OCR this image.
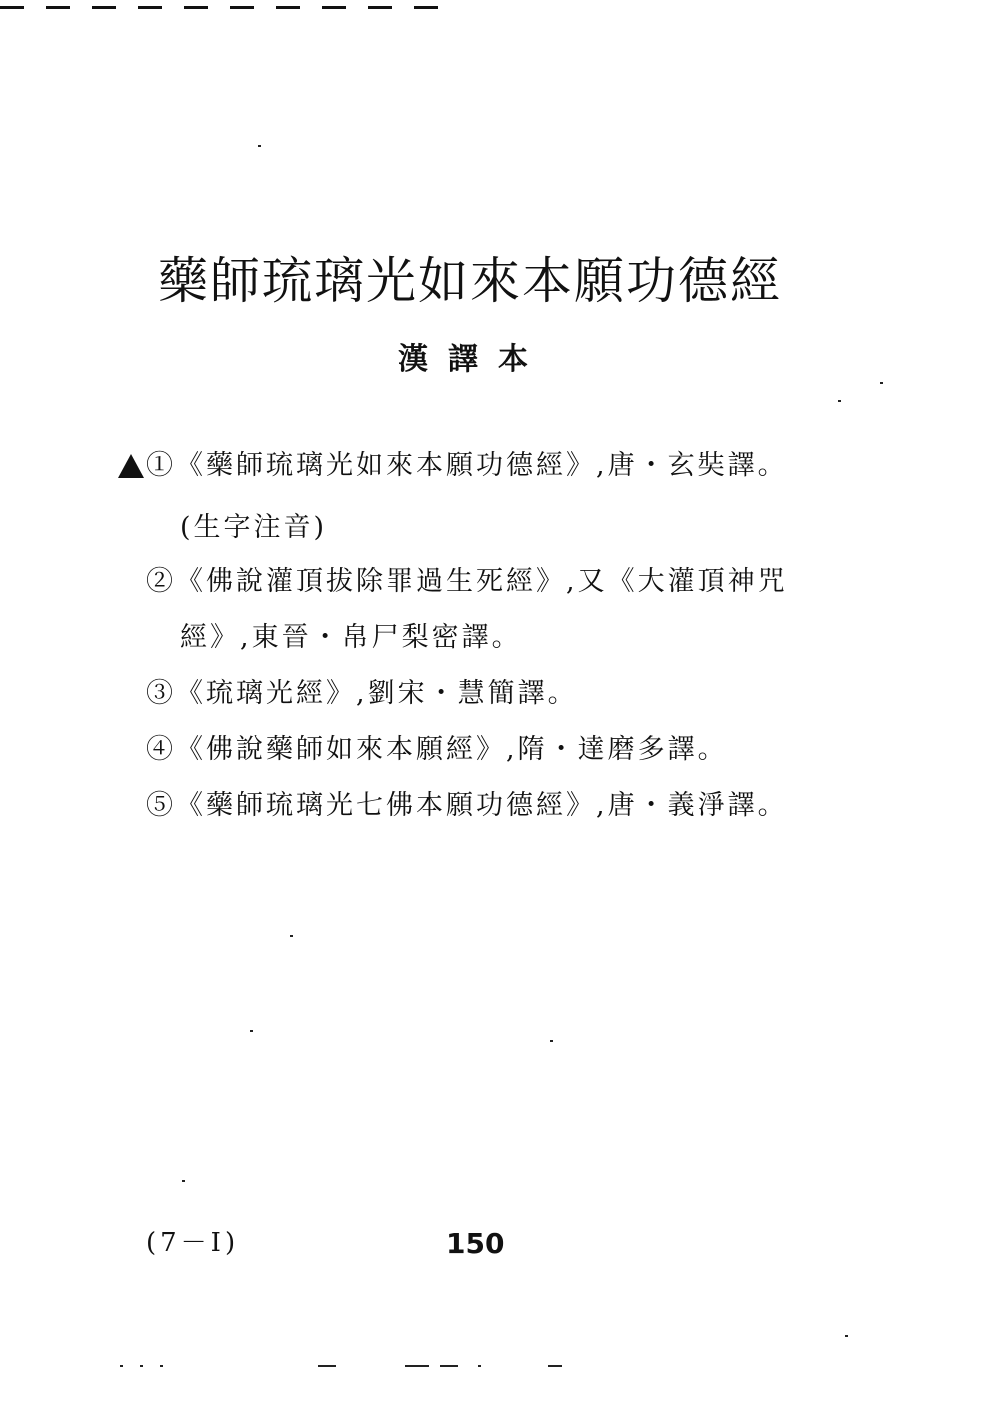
藥師琉璃光如來本願功德經
漢譯本
①《藥師琉璃光如來本願功德經》,唐・玄奘譯。
(生字注音)
②《佛說灌頂拔除罪過生死經》,又《大灌頂神咒
經》,東晉・帛尸梨密譯。
③《琉璃光經》,劉宋・慧簡譯。
④《佛說藥師如來本願經》,隋・達磨多譯。
⑤《藥師琉璃光七佛本願功德經》,唐・義淨譯。
(7－Ⅰ)	150
